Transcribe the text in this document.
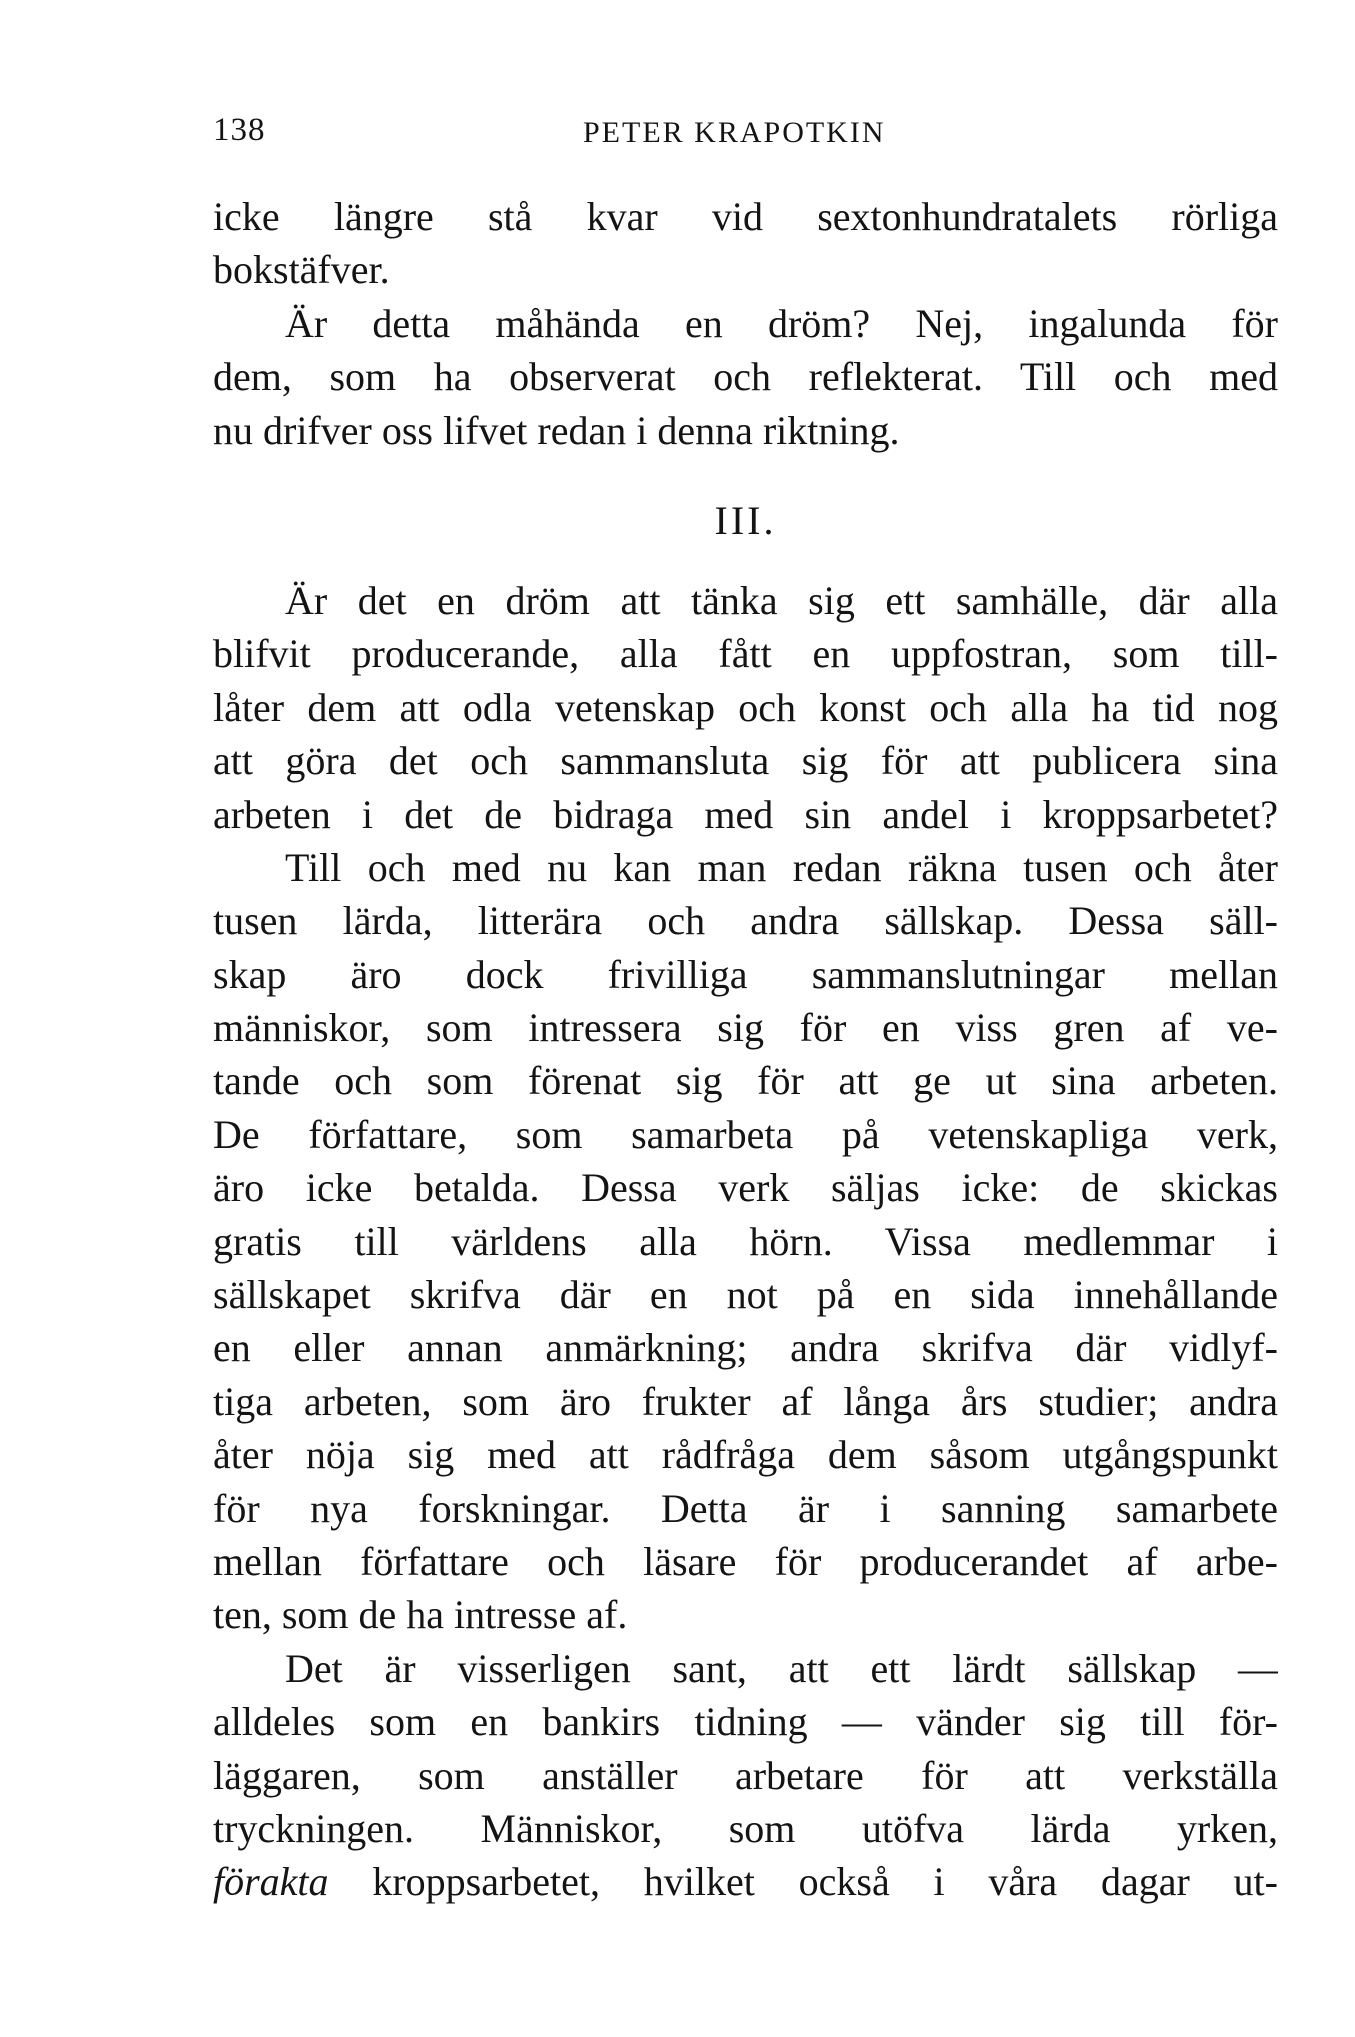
138	PETER KRAPOTKIN
icke längre stå kvar vid sextonhundratalets rörliga
bokstäfver.
Är detta måhända en dröm? Nej, ingalunda för
dem, som ha observerat och reflekterat. Till och med
nu drifver oss lifvet redan i denna riktning.
III.
Är det en dröm att tänka sig ett samhälle, där alla
blifvit producerande, alla fått en uppfostran, som till-
låter dem att odla vetenskap och konst och alla ha tid nog
att göra det och sammansluta sig för att publicera sina
arbeten i det de bidraga med sin andel i kroppsarbetet?
Till och med nu kan man redan räkna tusen och åter
tusen lärda, litterära och andra sällskap. Dessa säll-
skap äro dock frivilliga sammanslutningar mellan
människor, som intressera sig för en viss gren af ve-
tande och som förenat sig för att ge ut sina arbeten.
De författare, som samarbeta på vetenskapliga verk,
äro icke betalda. Dessa verk säljas icke: de skickas
gratis till världens alla hörn. Vissa medlemmar i
sällskapet skrifva där en not på en sida innehållande
en eller annan anmärkning; andra skrifva där vidlyf-
tiga arbeten, som äro frukter af långa års studier; andra
åter nöja sig med att rådfråga dem såsom utgångspunkt
för nya forskningar. Detta är i sanning samarbete
mellan författare och läsare för producerandet af arbe-
ten, som de ha intresse af.
Det är visserligen sant, att ett lärdt sällskap —
alldeles som en bankirs tidning — vänder sig till för-
läggaren, som anställer arbetare för att verkställa
tryckningen. Människor, som utöfva lärda yrken,
förakta kroppsarbetet, hvilket också i våra dagar ut-
